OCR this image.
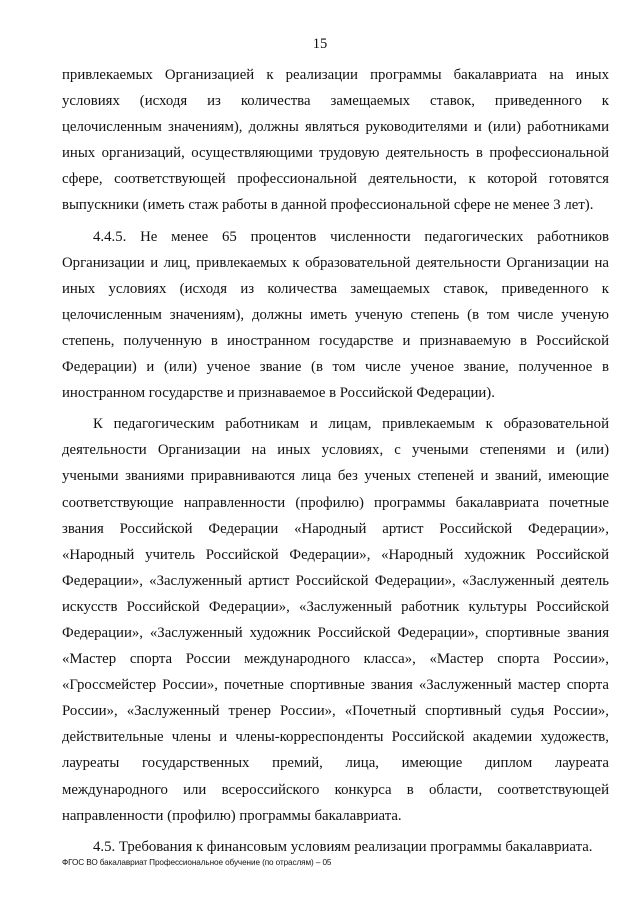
15

привлекаемых Организацией к реализации программы бакалавриата на иных

условиях (исходя из количества замещаемых ставок, приведенного к

целочисленным значениям), должны являться руководителями и (или) работниками

иных организаций, осуществляющими трудовую деятельность в профессиональной

сфере, соответствующей профессиональной деятельности, к которой готовятся

выпускники (иметь стаж работы в данной профессиональной сфере не менее 3 лет).

4.4.5. Не менее 65 процентов численности педагогических работников

Организации и лиц, привлекаемых к образовательной деятельности Организации на

иных условиях (исходя из количества замещаемых ставок, приведенного к

целочисленным значениям), должны иметь ученую степень (в том числе ученую

степень, полученную в иностранном государстве и признаваемую в Российской

Федерации) и (или) ученое звание (в том числе ученое звание, полученное в

иностранном государстве и признаваемое в Российской Федерации).

К педагогическим работникам и лицам, привлекаемым к образовательной

деятельности Организации на иных условиях, с учеными степенями и (или)

учеными званиями приравниваются лица без ученых степеней и званий, имеющие

соответствующие направленности (профилю) программы бакалавриата почетные

звания Российской Федерации «Народный артист Российской Федерации»,

«Народный учитель Российской Федерации», «Народный художник Российской

Федерации», «Заслуженный артист Российской Федерации», «Заслуженный деятель

искусств Российской Федерации», «Заслуженный работник культуры Российской

Федерации», «Заслуженный художник Российской Федерации», спортивные звания

«Мастер спорта России международного класса», «Мастер спорта России»,

«Гроссмейстер России», почетные спортивные звания «Заслуженный мастер спорта

России», «Заслуженный тренер России», «Почетный спортивный судья России»,

действительные члены и члены-корреспонденты Российской академии художеств,

лауреаты государственных премий, лица, имеющие диплом лауреата

международного или всероссийского конкурса в области, соответствующей

направленности (профилю) программы бакалавриата.

4.5. Требования к финансовым условиям реализации программы бакалавриата.

ФГОС ВО бакалавриат Профессиональное обучение (по отраслям) – 05
